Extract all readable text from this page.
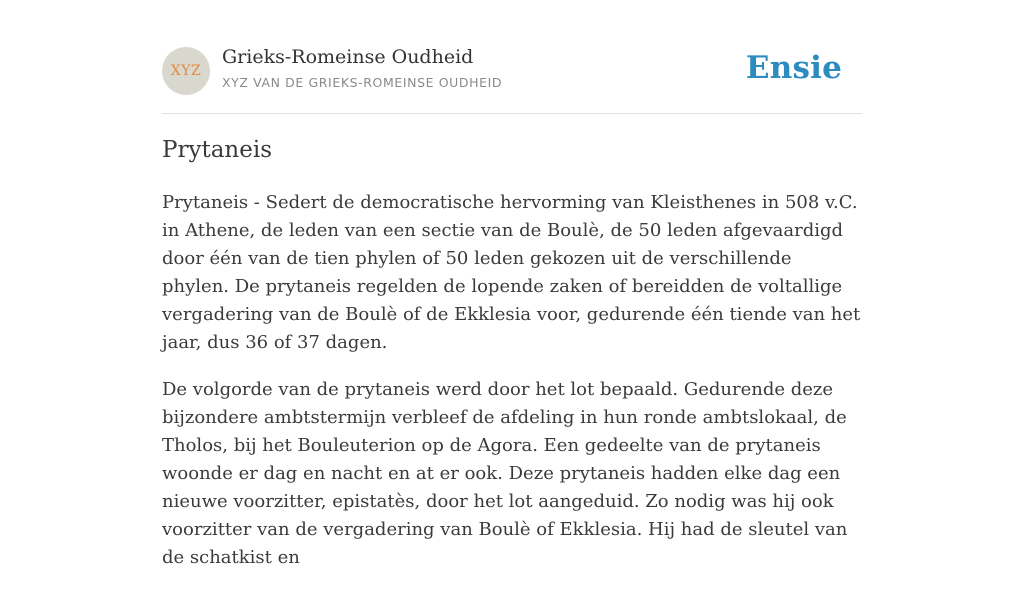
XYZ
Grieks-Romeinse Oudheid
XYZ VAN DE GRIEKS-ROMEINSE OUDHEID	Ensie
Prytaneis

Prytaneis - Sedert de democratische hervorming van Kleisthenes in 508 v.C. in Athene, de leden van een sectie van de Boulè, de 50 leden afgevaardigd door één van de tien phylen of 50 leden gekozen uit de verschillende phylen. De prytaneis regelden de lopende zaken of bereidden de voltallige vergadering van de Boulè of de Ekklesia voor, gedurende één tiende van het jaar, dus 36 of 37 dagen.

De volgorde van de prytaneis werd door het lot bepaald. Gedurende deze bijzondere ambtstermijn verbleef de afdeling in hun ronde ambtslokaal, de Tholos, bij het Bouleuterion op de Agora. Een gedeelte van de prytaneis woonde er dag en nacht en at er ook. Deze prytaneis hadden elke dag een nieuwe voorzitter, epistatès, door het lot aangeduid. Zo nodig was hij ook voorzitter van de vergadering van Boulè of Ekklesia. Hij had de sleutel van de schatkist en
